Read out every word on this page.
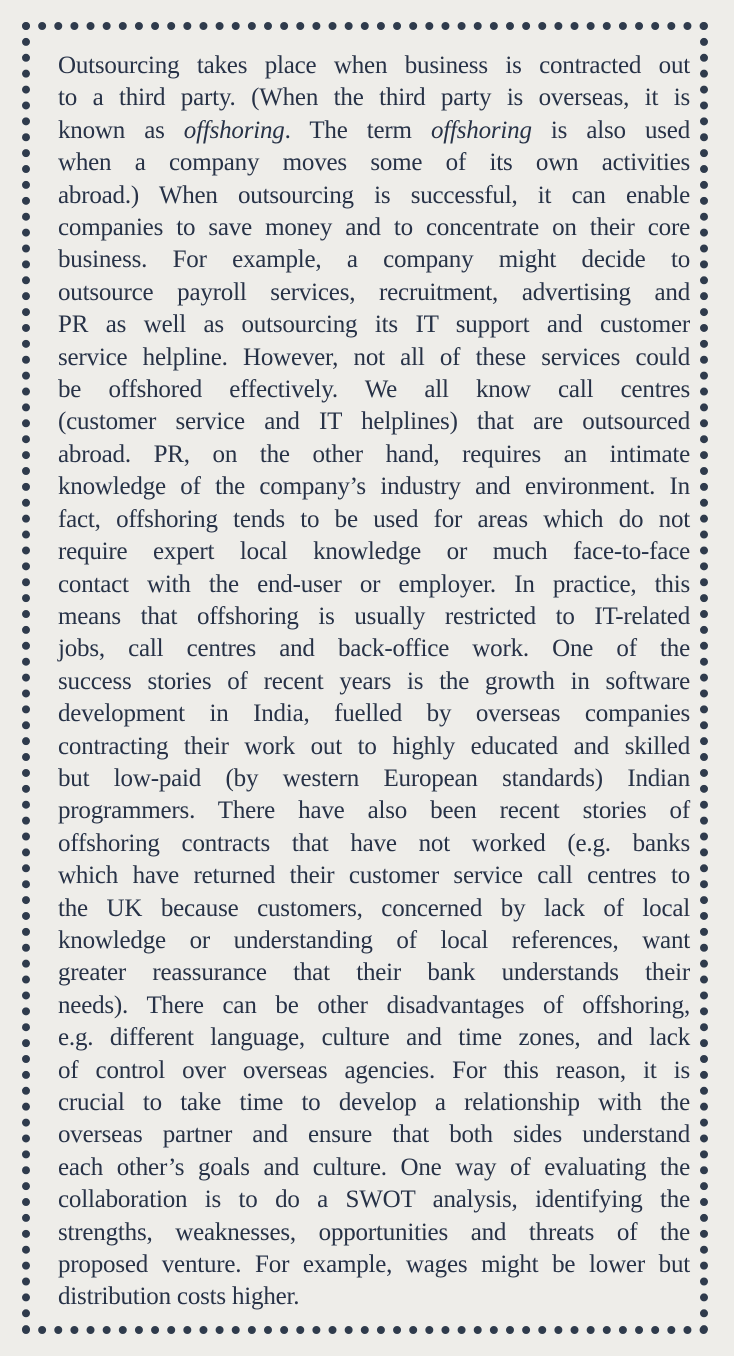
Outsourcing takes place when business is contracted out
to a third party. (When the third party is overseas, it is
known as offshoring. The term offshoring is also used
when a company moves some of its own activities
abroad.) When outsourcing is successful, it can enable
companies to save money and to concentrate on their core
business. For example, a company might decide to
outsource payroll services, recruitment, advertising and
PR as well as outsourcing its IT support and customer
service helpline. However, not all of these services could
be offshored effectively. We all know call centres
(customer service and IT helplines) that are outsourced
abroad. PR, on the other hand, requires an intimate
knowledge of the company’s industry and environment. In
fact, offshoring tends to be used for areas which do not
require expert local knowledge or much face-to-face
contact with the end-user or employer. In practice, this
means that offshoring is usually restricted to IT-related
jobs, call centres and back-office work. One of the
success stories of recent years is the growth in software
development in India, fuelled by overseas companies
contracting their work out to highly educated and skilled
but low-paid (by western European standards) Indian
programmers. There have also been recent stories of
offshoring contracts that have not worked (e.g. banks
which have returned their customer service call centres to
the UK because customers, concerned by lack of local
knowledge or understanding of local references, want
greater reassurance that their bank understands their
needs). There can be other disadvantages of offshoring,
e.g. different language, culture and time zones, and lack
of control over overseas agencies. For this reason, it is
crucial to take time to develop a relationship with the
overseas partner and ensure that both sides understand
each other’s goals and culture. One way of evaluating the
collaboration is to do a SWOT analysis, identifying the
strengths, weaknesses, opportunities and threats of the
proposed venture. For example, wages might be lower but
distribution costs higher.
